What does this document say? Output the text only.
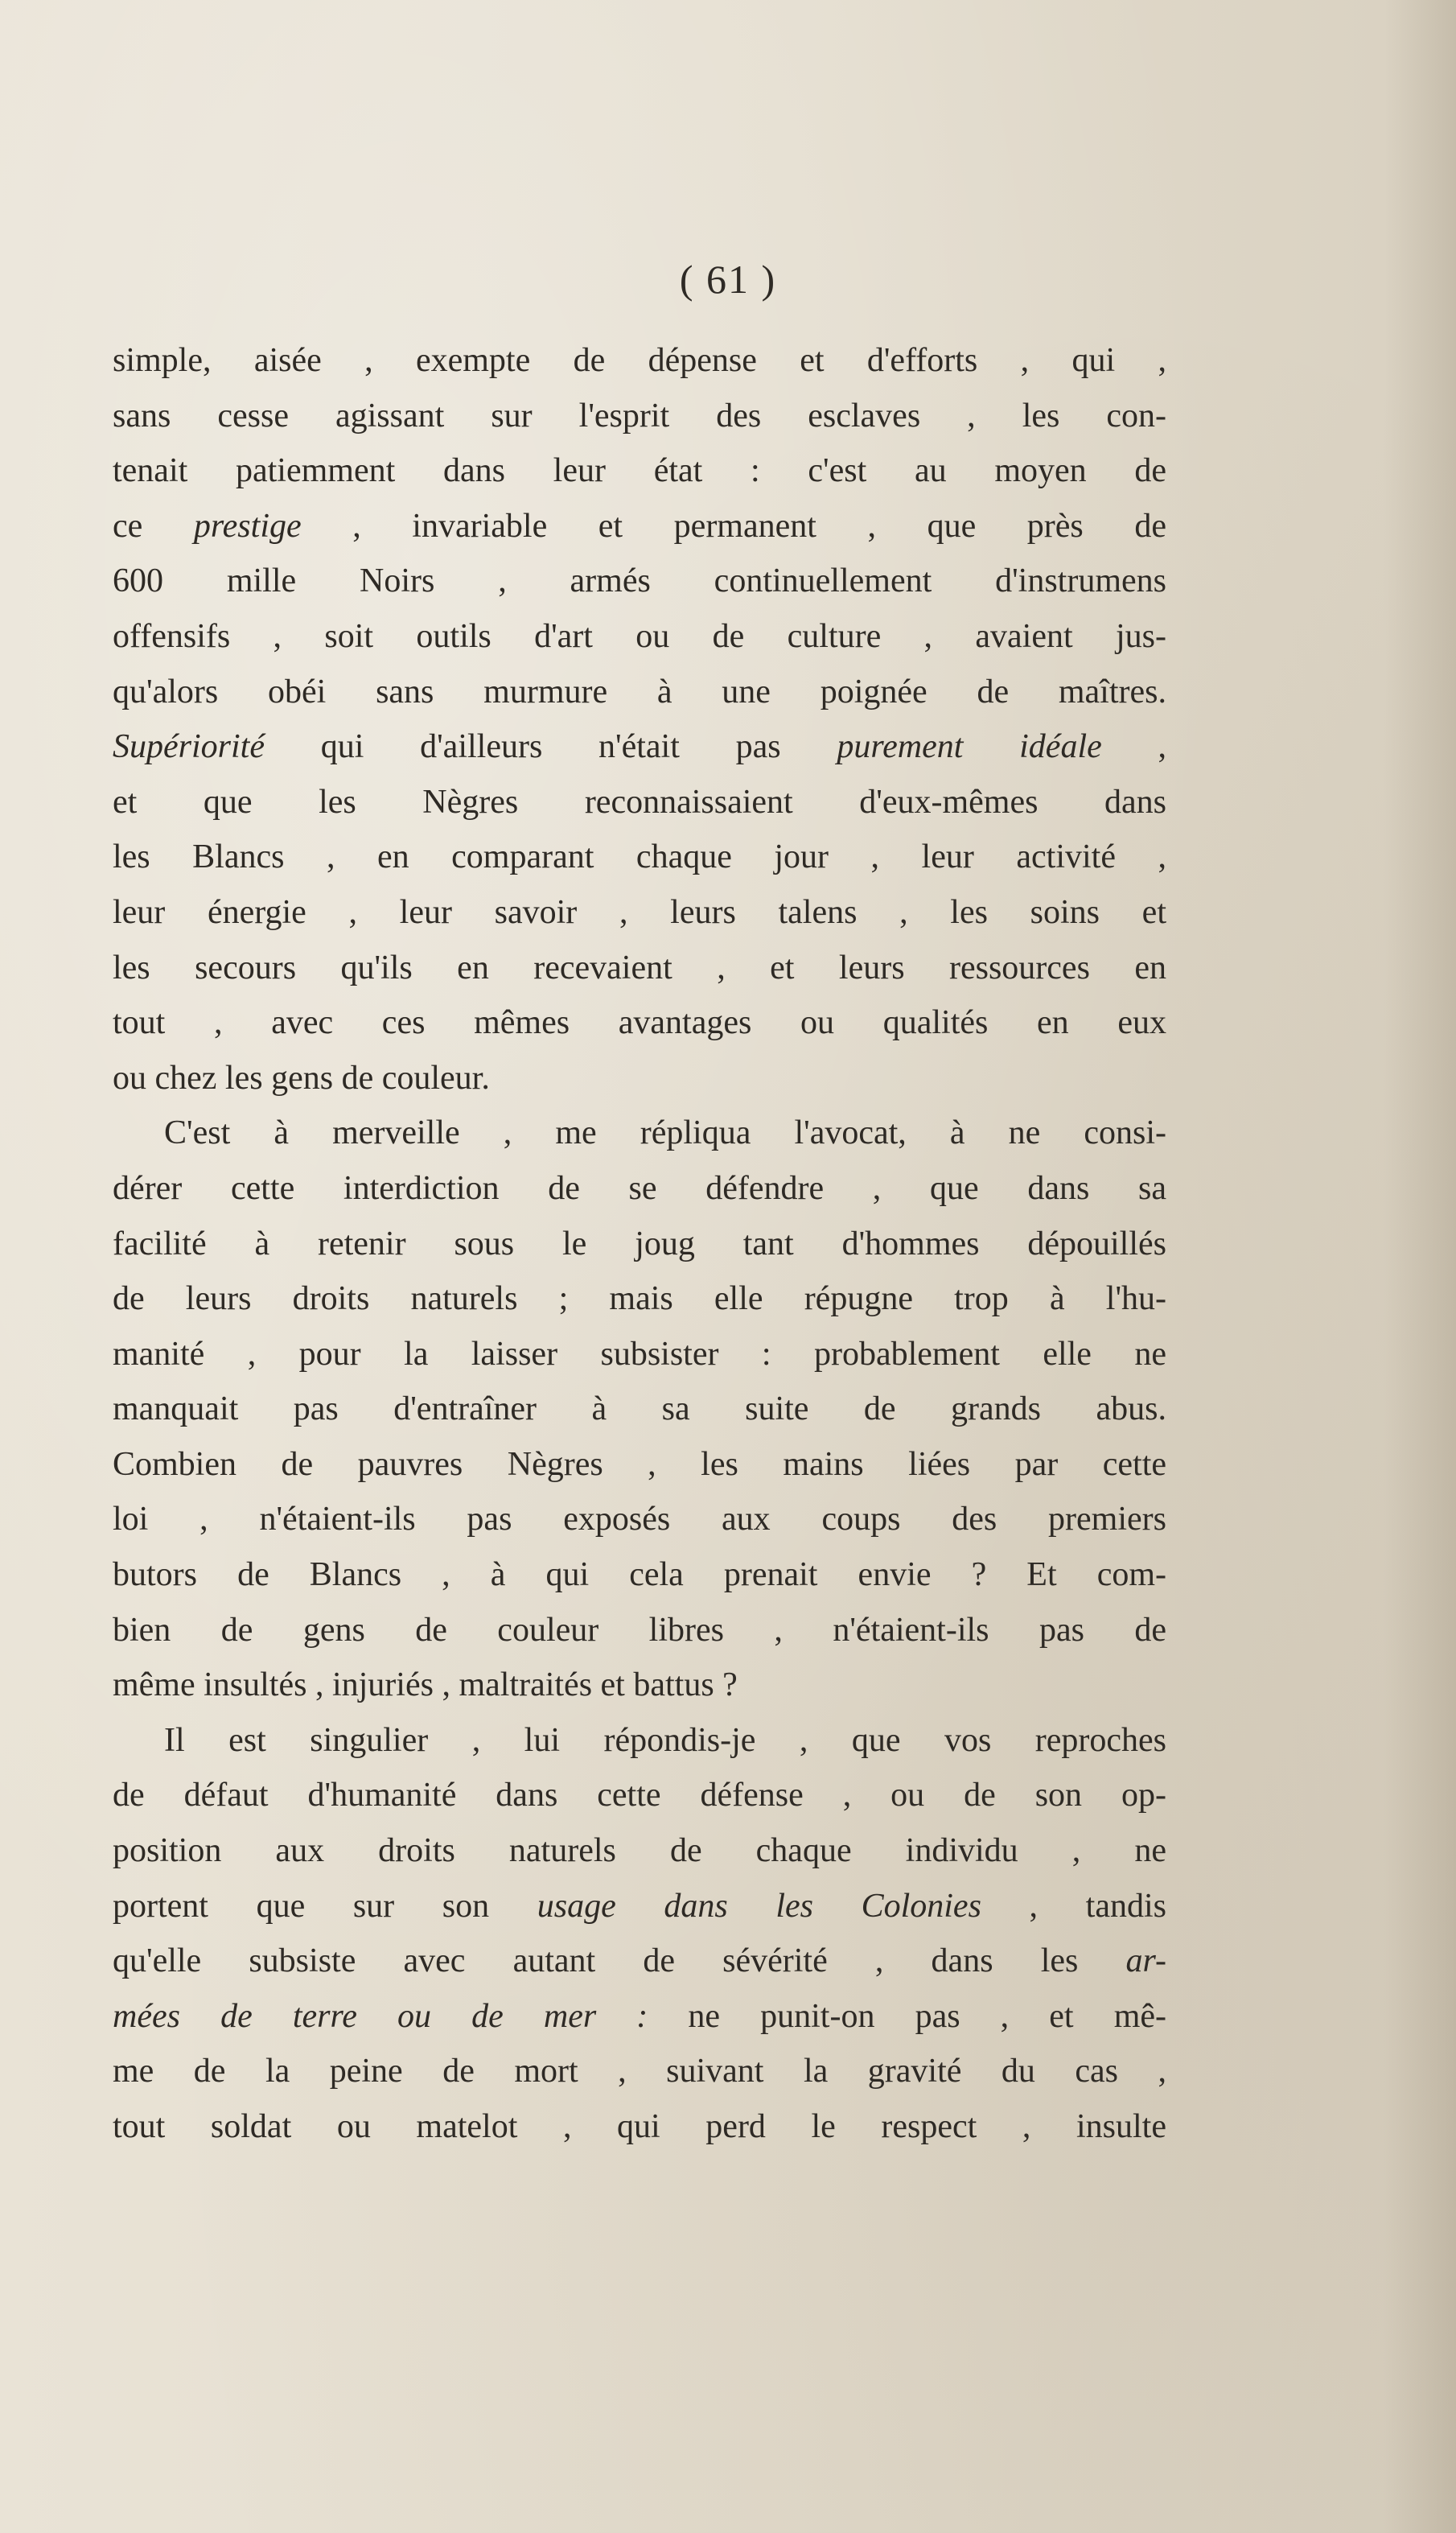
( 61 )

simple, aisée , exempte de dépense et d'efforts , qui ,
sans cesse agissant sur l'esprit des esclaves , les con-
tenait patiemment dans leur état : c'est au moyen de
ce prestige , invariable et permanent , que près de
600 mille Noirs , armés continuellement d'instrumens
offensifs , soit outils d'art ou de culture , avaient jus-
qu'alors obéi sans murmure à une poignée de maîtres.
Supériorité qui d'ailleurs n'était pas purement idéale ,
et que les Nègres reconnaissaient d'eux-mêmes dans
les Blancs , en comparant chaque jour , leur activité ,
leur énergie , leur savoir , leurs talens , les soins et
les secours qu'ils en recevaient , et leurs ressources en
tout , avec ces mêmes avantages ou qualités en eux
ou chez les gens de couleur.
C'est à merveille , me répliqua l'avocat, à ne consi-
dérer cette interdiction de se défendre , que dans sa
facilité à retenir sous le joug tant d'hommes dépouillés
de leurs droits naturels ; mais elle répugne trop à l'hu-
manité , pour la laisser subsister : probablement elle ne
manquait pas d'entraîner à sa suite de grands abus.
Combien de pauvres Nègres , les mains liées par cette
loi , n'étaient-ils pas exposés aux coups des premiers
butors de Blancs , à qui cela prenait envie ? Et com-
bien de gens de couleur libres , n'étaient-ils pas de
même insultés , injuriés , maltraités et battus ?
Il est singulier , lui répondis-je , que vos reproches
de défaut d'humanité dans cette défense , ou de son op-
position aux droits naturels de chaque individu , ne
portent que sur son usage dans les Colonies , tandis
qu'elle subsiste avec autant de sévérité , dans les ar-
mées de terre ou de mer : ne punit-on pas , et mê-
me de la peine de mort , suivant la gravité du cas ,
tout soldat ou matelot , qui perd le respect , insulte
